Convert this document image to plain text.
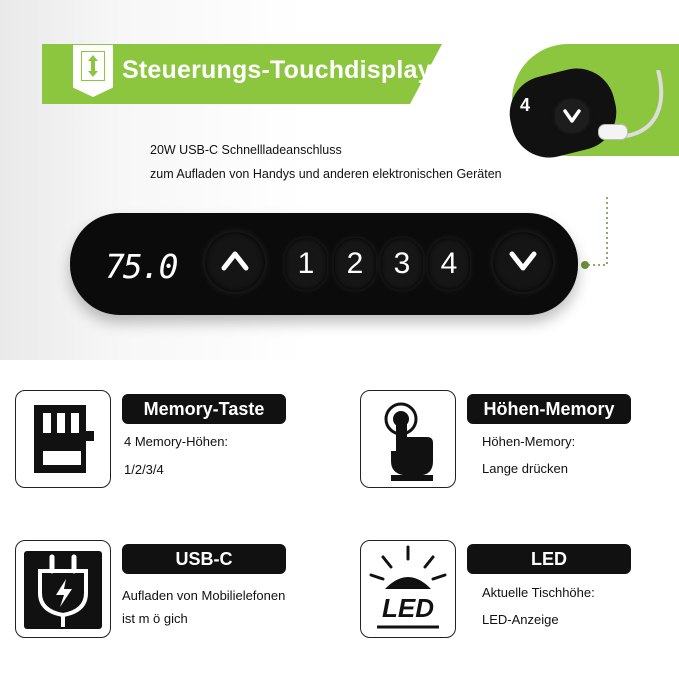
Steuerungs-Touchdisplay
4
20W USB-C Schnellladeanschluss
zum Aufladen von Handys und anderen elektronischen Geräten
75.0	1	2	3	4
Memory-Taste
4 Memory-Höhen:
1/2/3/4
Höhen-Memory
Höhen-Memory:
Lange drücken
USB-C
Aufladen von Mobilielefonen
ist m ö gich	LED
LED
Aktuelle Tischhöhe:
LED-Anzeige
